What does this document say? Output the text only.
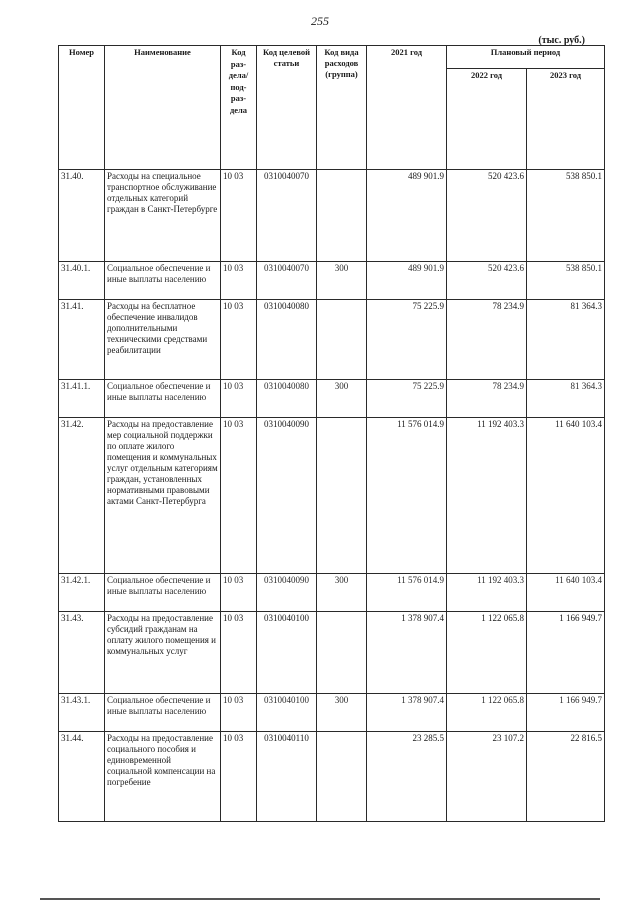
255
(тыс. руб.)
Номер	Наименование	Код раз-дела/ под-раз-дела	Код целевой статьи	Код вида расходов (группа)	2021 год	Плановый период	
						2022 год	2023 год
31.40.	Расходы на специальное транспортное обслуживание отдельных категорий граждан в Санкт-Петербурге	10 03	0310040070		489 901.9	520 423.6	538 850.1
31.40.1.	Социальное обеспечение и иные выплаты населению	10 03	0310040070	300	489 901.9	520 423.6	538 850.1
31.41.	Расходы на бесплатное обеспечение инвалидов дополнительными техническими средствами реабилитации	10 03	0310040080		75 225.9	78 234.9	81 364.3
31.41.1.	Социальное обеспечение и иные выплаты населению	10 03	0310040080	300	75 225.9	78 234.9	81 364.3
31.42.	Расходы на предоставление мер социальной поддержки по оплате жилого помещения и коммунальных услуг отдельным категориям граждан, установленных нормативными правовыми актами Санкт-Петербурга	10 03	0310040090		11 576 014.9	11 192 403.3	11 640 103.4
31.42.1.	Социальное обеспечение и иные выплаты населению	10 03	0310040090	300	11 576 014.9	11 192 403.3	11 640 103.4
31.43.	Расходы на предоставление субсидий гражданам на оплату жилого помещения и коммунальных услуг	10 03	0310040100		1 378 907.4	1 122 065.8	1 166 949.7
31.43.1.	Социальное обеспечение и иные выплаты населению	10 03	0310040100	300	1 378 907.4	1 122 065.8	1 166 949.7
31.44.	Расходы на предоставление социального пособия и единовременной социальной компенсации на погребение	10 03	0310040110		23 285.5	23 107.2	22 816.5
